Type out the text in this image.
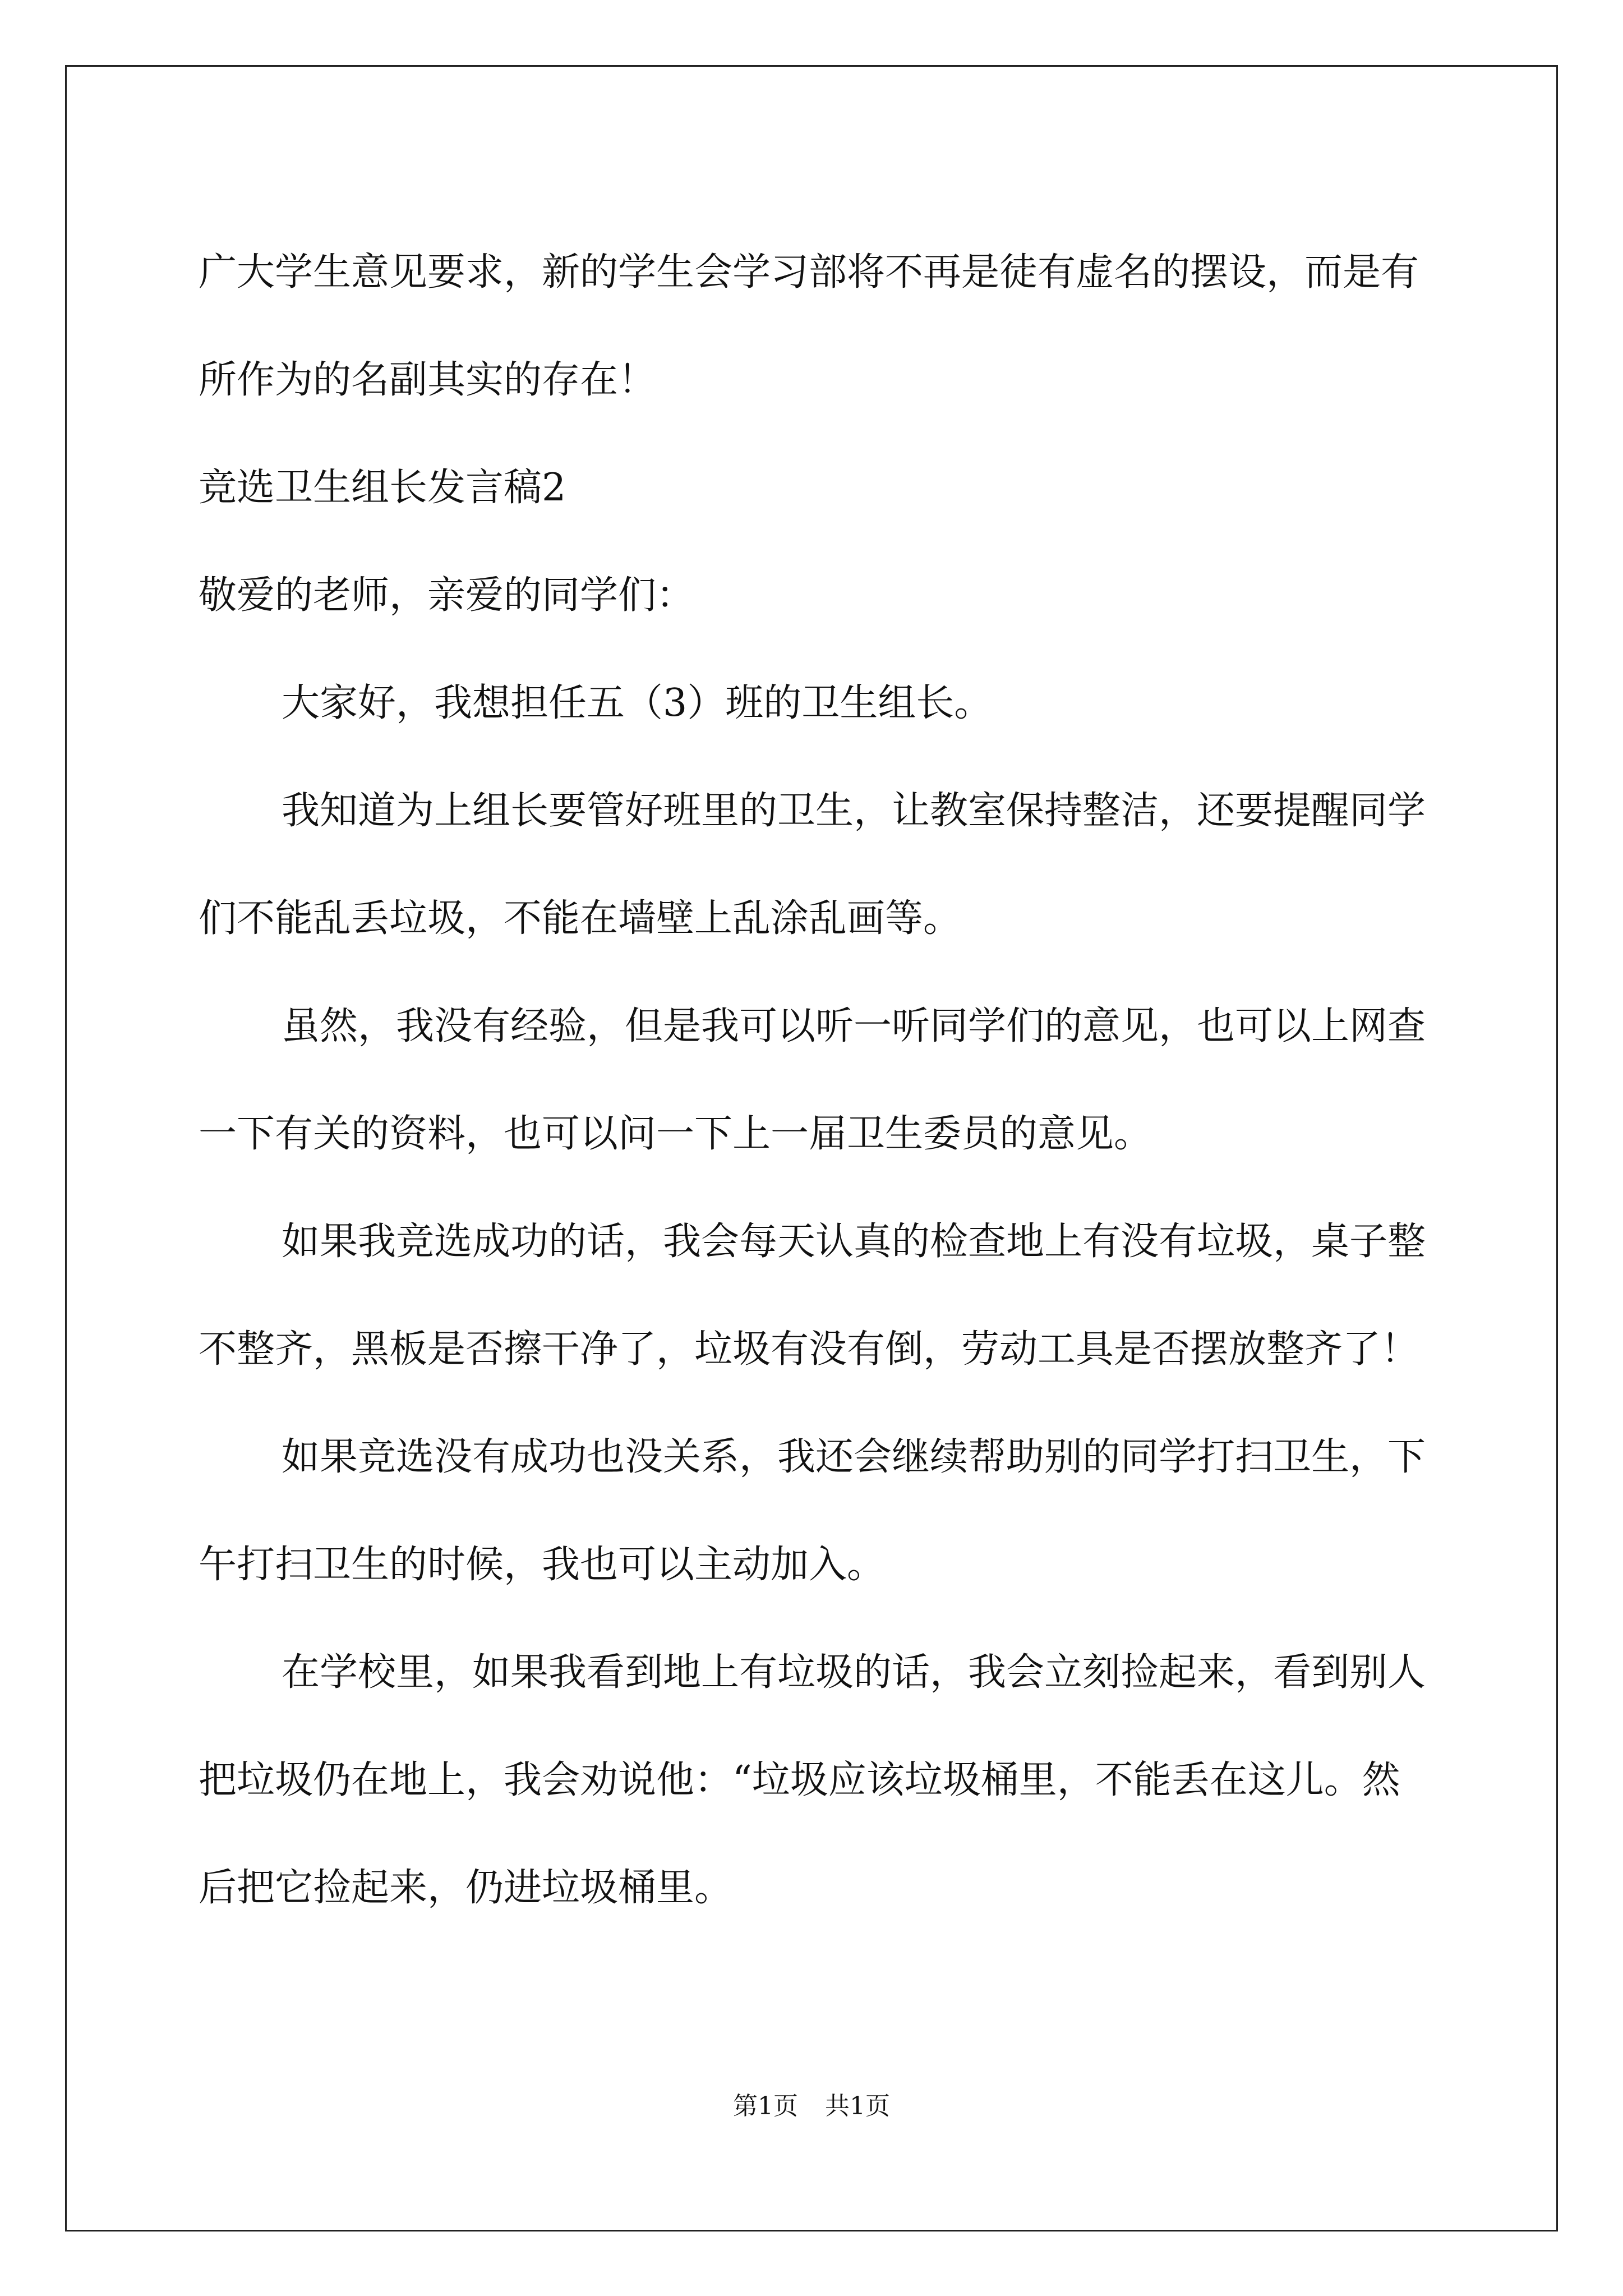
广大学生意见要求，新的学生会学习部将不再是徒有虚名的摆设，而是有所作为的名副其实的存在！

竞选卫生组长发言稿2

敬爱的老师，亲爱的同学们：

大家好，我想担任五（3）班的卫生组长。

我知道为上组长要管好班里的卫生，让教室保持整洁，还要提醒同学们不能乱丢垃圾，不能在墙壁上乱涂乱画等。

虽然，我没有经验，但是我可以听一听同学们的意见，也可以上网查一下有关的资料，也可以问一下上一届卫生委员的意见。

如果我竞选成功的话，我会每天认真的检查地上有没有垃圾，桌子整不整齐，黑板是否擦干净了，垃圾有没有倒，劳动工具是否摆放整齐了！

如果竞选没有成功也没关系，我还会继续帮助别的同学打扫卫生，下午打扫卫生的时候，我也可以主动加入。

在学校里，如果我看到地上有垃圾的话，我会立刻捡起来，看到别人把垃圾仍在地上，我会劝说他：“垃圾应该垃圾桶里，不能丢在这儿。然后把它捡起来，仍进垃圾桶里。

第1页 共1页
